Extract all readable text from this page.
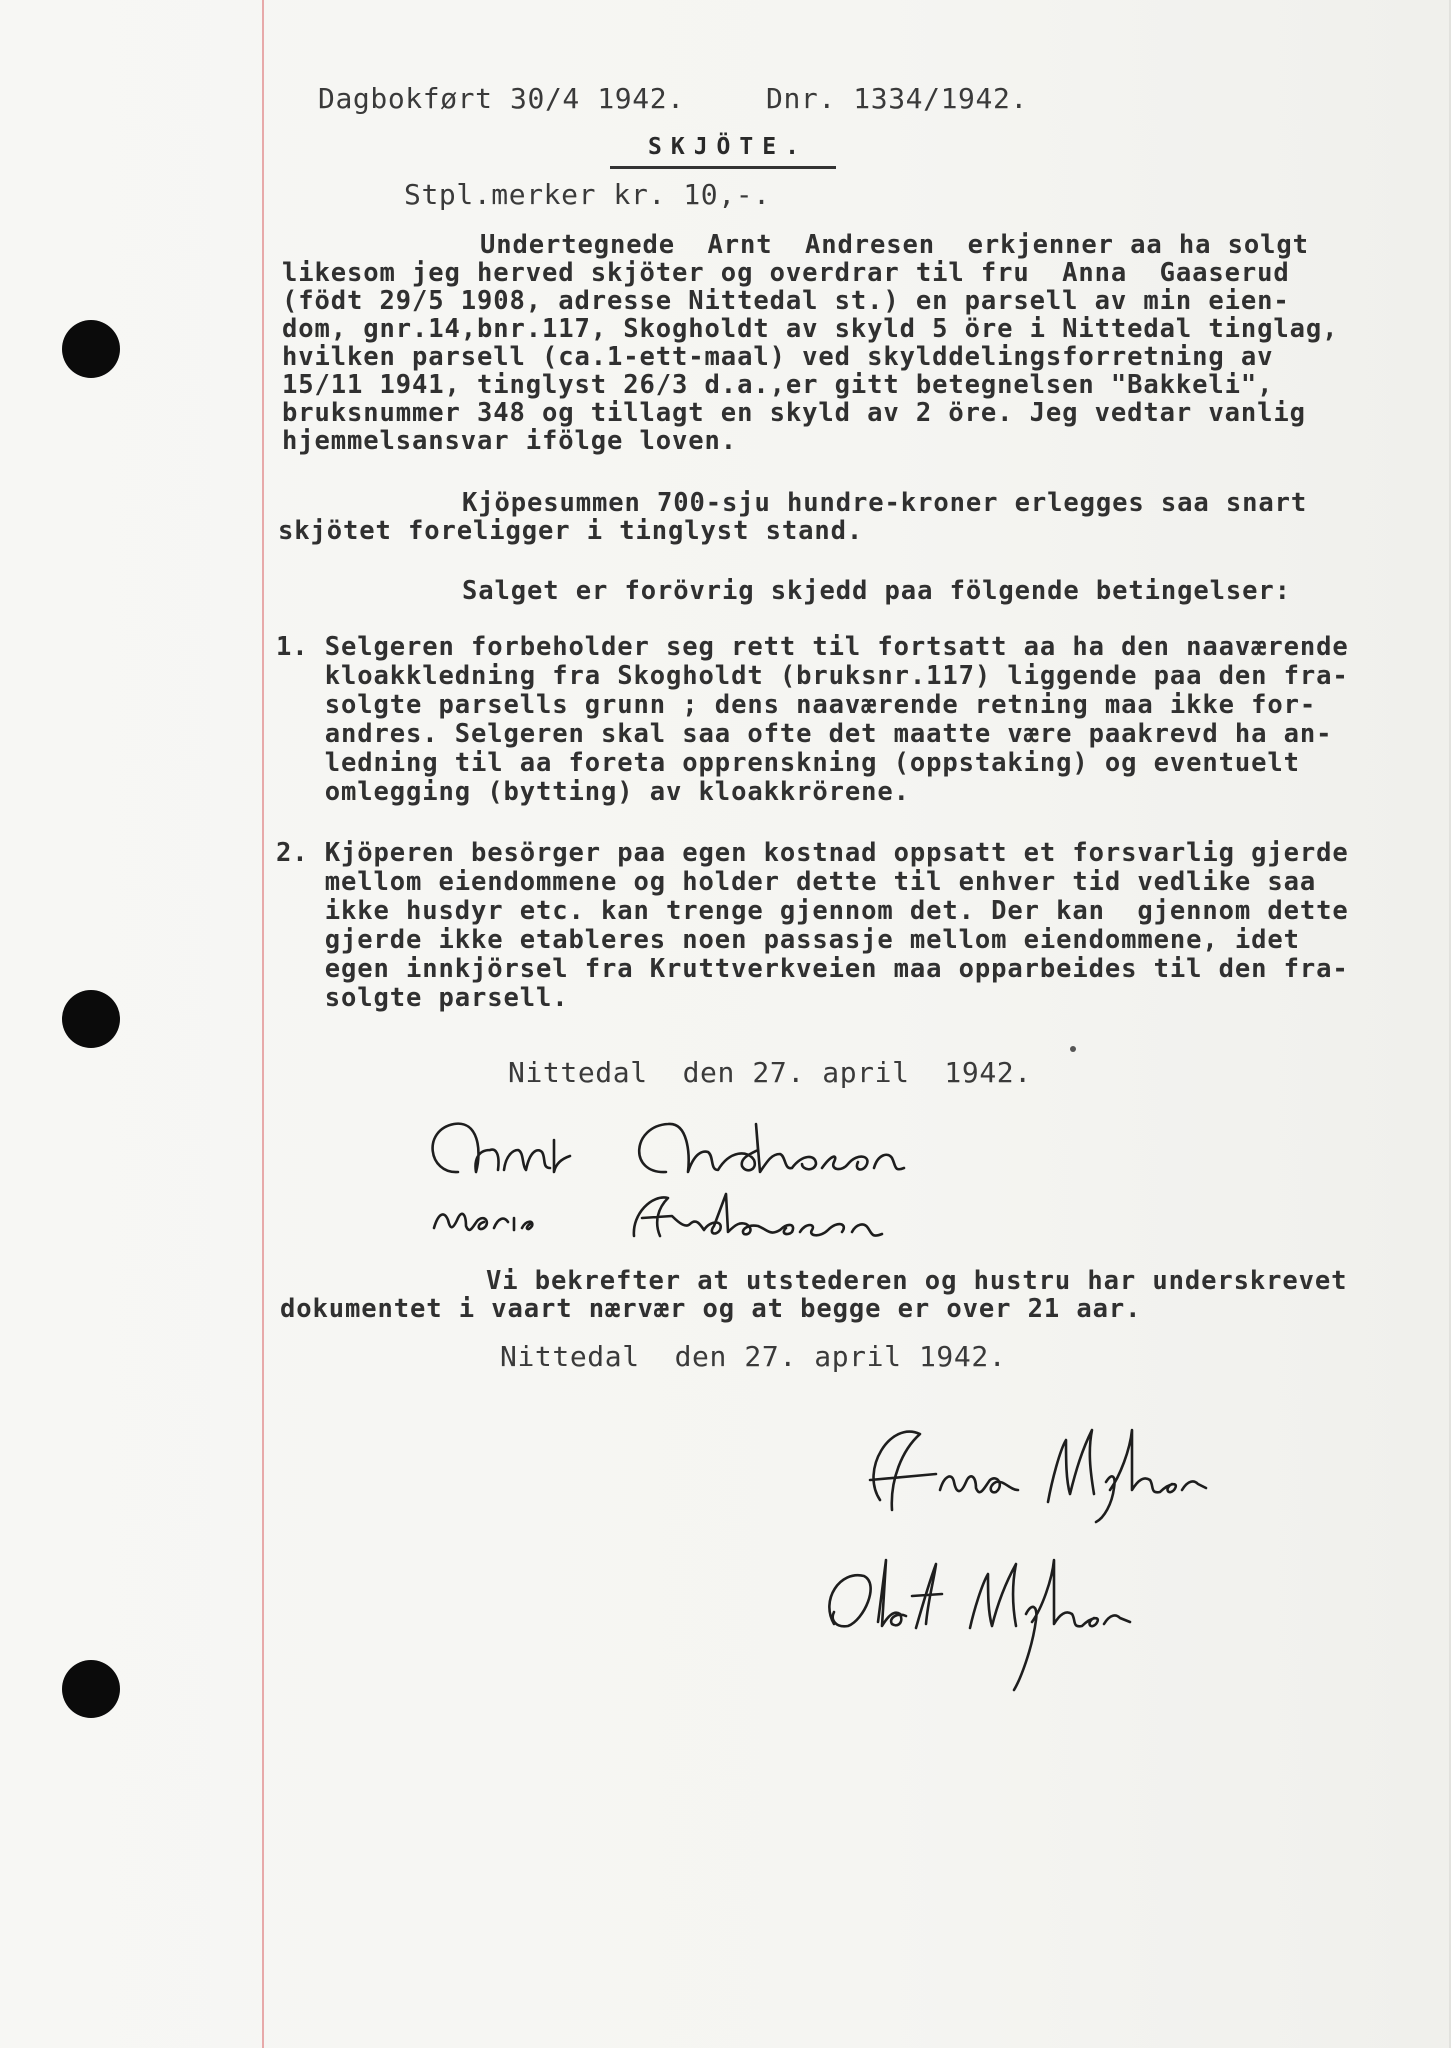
Dagbokført 30/4 1942.	Dnr. 1334/1942.
SKJÖTE.
Stpl.merker kr. 10,-.
Undertegnede  Arnt  Andresen  erkjenner aa ha solgt
likesom jeg herved skjöter og overdrar til fru  Anna  Gaaserud
(födt 29/5 1908, adresse Nittedal st.) en parsell av min eien-
dom, gnr.14,bnr.117, Skogholdt av skyld 5 öre i Nittedal tinglag,
hvilken parsell (ca.1-ett-maal) ved skylddelingsforretning av
15/11 1941, tinglyst 26/3 d.a.,er gitt betegnelsen "Bakkeli",
bruksnummer 348 og tillagt en skyld av 2 öre. Jeg vedtar vanlig
hjemmelsansvar ifölge loven.
Kjöpesummen 700-sju hundre-kroner erlegges saa snart
skjötet foreligger i tinglyst stand.
Salget er forövrig skjedd paa fölgende betingelser:
1. Selgeren forbeholder seg rett til fortsatt aa ha den naaværende
kloakkledning fra Skogholdt (bruksnr.117) liggende paa den fra-
solgte parsells grunn ; dens naaværende retning maa ikke for-
andres. Selgeren skal saa ofte det maatte være paakrevd ha an-
ledning til aa foreta opprenskning (oppstaking) og eventuelt
omlegging (bytting) av kloakkrörene.
2. Kjöperen besörger paa egen kostnad oppsatt et forsvarlig gjerde
mellom eiendommene og holder dette til enhver tid vedlike saa
ikke husdyr etc. kan trenge gjennom det. Der kan  gjennom dette
gjerde ikke etableres noen passasje mellom eiendommene, idet
egen innkjörsel fra Kruttverkveien maa opparbeides til den fra-
solgte parsell.
Nittedal  den 27. april  1942.
Vi bekrefter at utstederen og hustru har underskrevet
dokumentet i vaart nærvær og at begge er over 21 aar.
Nittedal  den 27. april 1942.
